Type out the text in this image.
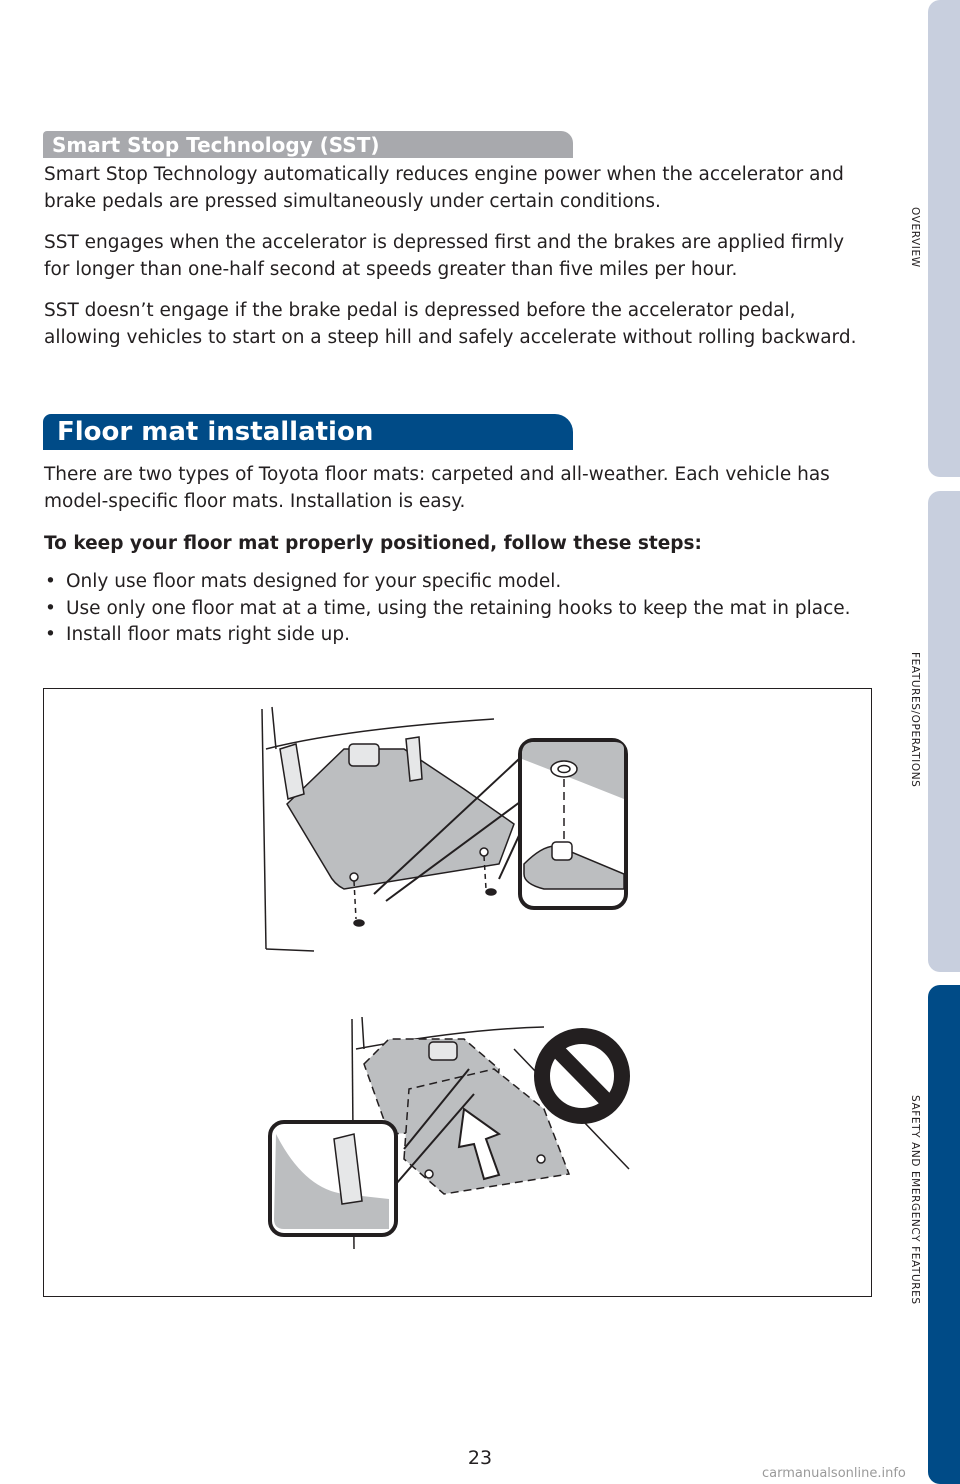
Smart Stop Technology (SST)

Smart Stop Technology automatically reduces engine power when the accelerator and brake pedals are pressed simultaneously under certain conditions.

SST engages when the accelerator is depressed first and the brakes are applied firmly for longer than one-half second at speeds greater than five miles per hour.

SST doesn’t engage if the brake pedal is depressed before the accelerator pedal, allowing vehicles to start on a steep hill and safely accelerate without rolling backward.

Floor mat installation

There are two types of Toyota floor mats: carpeted and all-weather. Each vehicle has model-specific floor mats. Installation is easy.

To keep your floor mat properly positioned, follow these steps:

• Only use floor mats designed for your specific model.
• Use only one floor mat at a time, using the retaining hooks to keep the mat in place.
• Install floor mats right side up.
OVERVIEW
FEATURES/OPERATIONS
SAFETY AND EMERGENCY FEATURES
23
carmanualsonline.info
